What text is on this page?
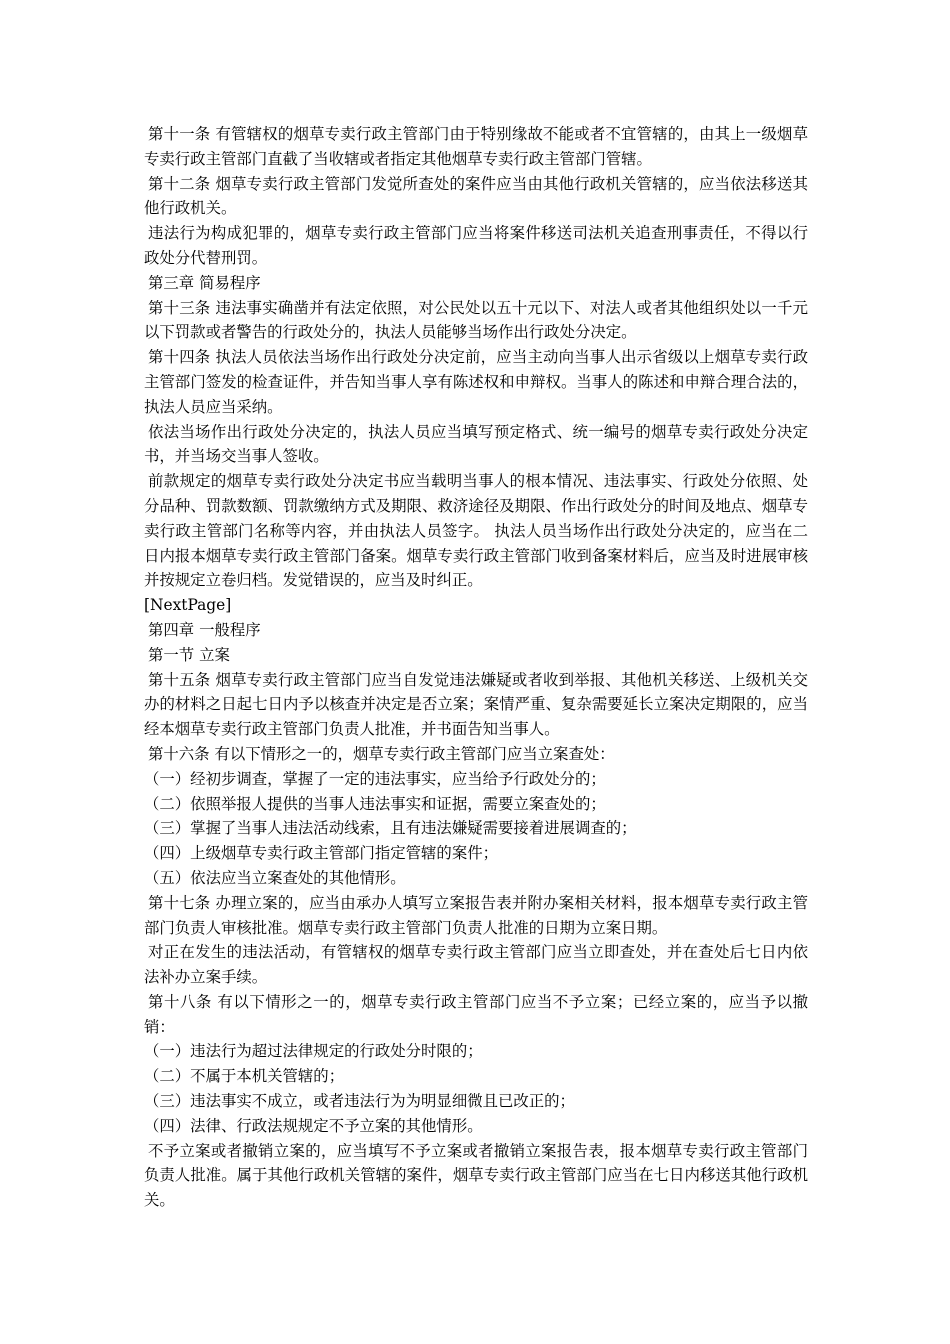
第十一条 有管辖权的烟草专卖行政主管部门由于特别缘故不能或者不宜管辖的，由其上一级烟草专卖行政主管部门直截了当收辖或者指定其他烟草专卖行政主管部门管辖。

第十二条 烟草专卖行政主管部门发觉所查处的案件应当由其他行政机关管辖的，应当依法移送其他行政机关。

违法行为构成犯罪的，烟草专卖行政主管部门应当将案件移送司法机关追查刑事责任，不得以行政处分代替刑罚。

第三章 简易程序

第十三条 违法事实确凿并有法定依照，对公民处以五十元以下、对法人或者其他组织处以一千元以下罚款或者警告的行政处分的，执法人员能够当场作出行政处分决定。

第十四条 执法人员依法当场作出行政处分决定前，应当主动向当事人出示省级以上烟草专卖行政主管部门签发的检查证件，并告知当事人享有陈述权和申辩权。当事人的陈述和申辩合理合法的，执法人员应当采纳。

依法当场作出行政处分决定的，执法人员应当填写预定格式、统一编号的烟草专卖行政处分决定书，并当场交当事人签收。

前款规定的烟草专卖行政处分决定书应当载明当事人的根本情况、违法事实、行政处分依照、处分品种、罚款数额、罚款缴纳方式及期限、救济途径及期限、作出行政处分的时间及地点、烟草专卖行政主管部门名称等内容，并由执法人员签字。 执法人员当场作出行政处分决定的，应当在二日内报本烟草专卖行政主管部门备案。烟草专卖行政主管部门收到备案材料后，应当及时进展审核并按规定立卷归档。发觉错误的，应当及时纠正。

[NextPage]

第四章 一般程序

第一节 立案

第十五条 烟草专卖行政主管部门应当自发觉违法嫌疑或者收到举报、其他机关移送、上级机关交办的材料之日起七日内予以核查并决定是否立案；案情严重、复杂需要延长立案决定期限的，应当经本烟草专卖行政主管部门负责人批准，并书面告知当事人。

第十六条 有以下情形之一的，烟草专卖行政主管部门应当立案查处：

（一）经初步调查，掌握了一定的违法事实，应当给予行政处分的；

（二）依照举报人提供的当事人违法事实和证据，需要立案查处的；

（三）掌握了当事人违法活动线索，且有违法嫌疑需要接着进展调查的；

（四）上级烟草专卖行政主管部门指定管辖的案件；

（五）依法应当立案查处的其他情形。

第十七条 办理立案的，应当由承办人填写立案报告表并附办案相关材料，报本烟草专卖行政主管部门负责人审核批准。烟草专卖行政主管部门负责人批准的日期为立案日期。

对正在发生的违法活动，有管辖权的烟草专卖行政主管部门应当立即查处，并在查处后七日内依法补办立案手续。

第十八条 有以下情形之一的，烟草专卖行政主管部门应当不予立案；已经立案的，应当予以撤销：

（一）违法行为超过法律规定的行政处分时限的；

（二）不属于本机关管辖的；

（三）违法事实不成立，或者违法行为为明显细微且已改正的；

（四）法律、行政法规规定不予立案的其他情形。

不予立案或者撤销立案的，应当填写不予立案或者撤销立案报告表，报本烟草专卖行政主管部门负责人批准。属于其他行政机关管辖的案件，烟草专卖行政主管部门应当在七日内移送其他行政机关。
